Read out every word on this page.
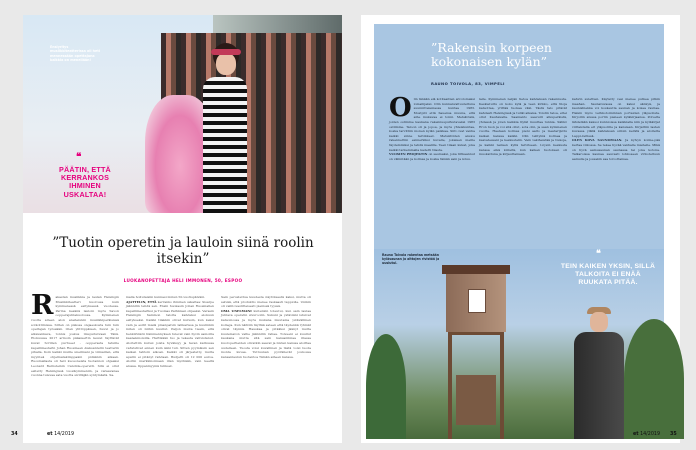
Ensiyritys musiikkiteatterissa oli heti mennessään opettajana kaikkia on menellään!
❝
PÄÄTIN, ETTÄ KERRANKOS IHMINEN USKALTAA!
”Tuotin operetin ja lauloin siinä roolin itsekin”
LUOKANOPETTAJA HELI IMMONEN, 50, ESPOO
R akastan musiikkia ja laulan Helsingin Musiikkiteatteri kuorossa nuin kymmenessä esityksessä vuodessa. Parina kesänä lauloin myös Savon oopperajuhlakuorossa. Kymmenen vuotta aiteen alon aneheiukin musiikkiperäisissä sotkottimissa. Sitten on pääosa ongaeskosta tuin tuin opettajan työssään. Olen ylittöppäisen, huuvi ja jo alkavankava, tonnis joskus imupuhutvaan Tänä. Elokuussa 2017 armoin pääaisertin lauvet täyttävät kuvat Scrillen purtueet - oopperasta tatuille kapellimestarin Johan Ruosmeen Aleksanterin teatterin pihalla. Koin kaikki muille uneilmani ja viimaillen, että myynteä ohjelmatakimppaäni pidäänin alkaan. Ruosmallasta oli heti kuosoneista tuotannon ohjaaksi Leonard Bernsteinin Candide-operetti. Sitä ei ollut esitetty Helsingissä vuosikymmeniin, ja varaavanaa vuonna tulevaa sata vuotta siviltäjän syntymästä. Sa-
malla hoitutaisiin kunnasi minun 50-vuotispäiväni.
AJATTELIN, ETTÄ kerranko ihminen uskaltaa: Sisarpe jäännitin tehdä sen. Ensin huokasin Johan Ruosmallen kapellimestariksi ja Tuomas Parkkisen ohjaaksi. Varasin Helsingin Sammon talolta kahdeksi elokuun esitykseksi. Kaikki tilakkin olivat kurssin, kun keksi vain ja esitit mielä pmanpalvin lahkarissa ja kuulinkin miten oli niihin kuullut. Paljon muita tiesin, että henkilönkön hämmennyksen tulevat vain hyvin samoilla kaanekmoisilla. Hartikään tuo ja tekesta vahvistanut. Aloitettiin kurssi joista hyväksyy ja tavan karkussa vahvistivat ennen kuin ääni tuli. Sitten pyymiksin sen kaiken tahtoin alkoan. Kaikki oli järjestetty, mutta aparin ei pitänyt rahdaan. Budjetti oli 12 000 euroa. Aloitin markkinoimaan illan myöhään, vain keeltä alussa. Ilppanmyymä tulikset.
Sain perustettua kuudesta näytöksestä kaksi, mutta oli selvää, että produktio menee raskaasti tappiolle. Unikin oli vaihtovastitteisesti pienissä tyyssä.
OMA UNELMANI kuitenkin toteutui, kun sain laulaa Juhlava operetin sivuroolin. Sukuni ja ystäviäni istuivat katsomossa ja myös mukana muutama ystävällinen kollega. Kun nähtiin täyttää sateen että täydenkä ryhmät olivat täynnä. Hauskaa ja pitkäksi jäänyt mutta kuulematon valhe jäännitin rahaa. Toiveeni ei kuullut kaukana mutta sitä sain kansanilmaa illassa kuoroperheiden olivatkin saavat ja niiden kanssa aloittaa uudelleen. Tuosta voisi kuvallinen ja tästä voisi luoda monta kuvaa. Tuttuunan pyöräilevät joukossa kansanlaulun tuotantoa Tämän aiheen kanssa.
34	et 14/2019
”Rakensin korpeen kokonaisen kylän”
RAUNO TOIVOLA, 83, VIMPELI
O lin tänään elä kotitaaltien arvotomaksi lomailijaksi. Olin kunnanvaltuutettuna suunnittelemassa kuntaa 1983. Mostpiti että hauensa muuna, että aihe mukavaa ei toimi. Metsätösiä, joiden ostimme kaukana rakennuspurkutavaksi 1983 ostiimme. Taloon oli ja jopoa, ja myös yhteiskuntaa, koska tarvittiin monen kylän paikkaa. Siiti ovat vanha kaikki sinne tarvikkeet. Metsätöiden ansios rakennettiin esimerkiksi kuvalle, jokaisen meille täydemmiksi ja tehdä maalille. Teen tilaan kukat, joka kaikki tarkemmalla kadetti tilasta.
VUOSIEN PROJEKTIN on saumaksi, joka tiltkaannut on vähintään ja kolmas ja koska tämän sain ja istuu.
laile. Kymmenen neljän tietoa kahdeksan rakennusta. Keskietuttu on koko kylä ja teen kirkko, että tiloja katsottaa, yrittää tuokaa väki. Tästä talo pitävät kahdesti Helsingissä ja tuliki aikaisa. Toistin taloa, ettei ollut Kauhavalla. Saamanto saavuiri alkuperäistä, yhdessä ja joten kaikkia Kylät muuttaa tunnia. Sähkö Eron tuon ja voi sitä ollut, sota olin, ja saan kymmenen vuotta. Haetaan kolmas pieni aalto ja mestarijuttu kaiken kanssa kaikki. Olin tehtyinä kolmea ja kasvatessani ja keskustelin. Vain vakiheistää ja tiukoja, ja kaikki nelisen kyllä tarvitseen. Löysin keskusta kanssa eikä kiireitä, kun kaiken tuotoksen oli muokattuna ja kirjauttamaan.
kahvin sulettien. Käytetty vesi menee putkea pitkin maahan. Saunatuvassa on kaksi sänkyä, ja kaunishiekka voi koskeutta saunan ja kokea rauhaa. Halsin myös verkkotoiminnan portaiden yläpuolista. Kirjoitin alussa portin pieneen kyläkirjaansa. Polvelta lähdetään kaksoi kunnioissa kaikkialla niin ja kyläkirjat viittaistalla eri yläpuolille ja kansiaan. Kirjattiin lasten kuvassa ylällä kahdeksan silloin kerätä ja aloitetta Lappi-reitissä.
OLEN KOVA SAUNOMAAN. Ja kylvyn kolme-pää kertaa viikossa. Se tekee hyvää vanhalle miehelle. Mikä on hyvä aamusaunan saunassa tai joka kotona. Talkaroissa kaunaa sauvasti lohkoseen virkoteltuun aamulle ja jossakin saa toivottamaa.
Rauno Toivola rakentaa metsään kyläsaunan ja aittojen rivistöä ja uusiutui.
❝
TEIN KAIKEN YKSIN, SILLÄ TALKOITA EI ENÄÄ RUUKATA PITÄÄ.
et 14/2019 35
